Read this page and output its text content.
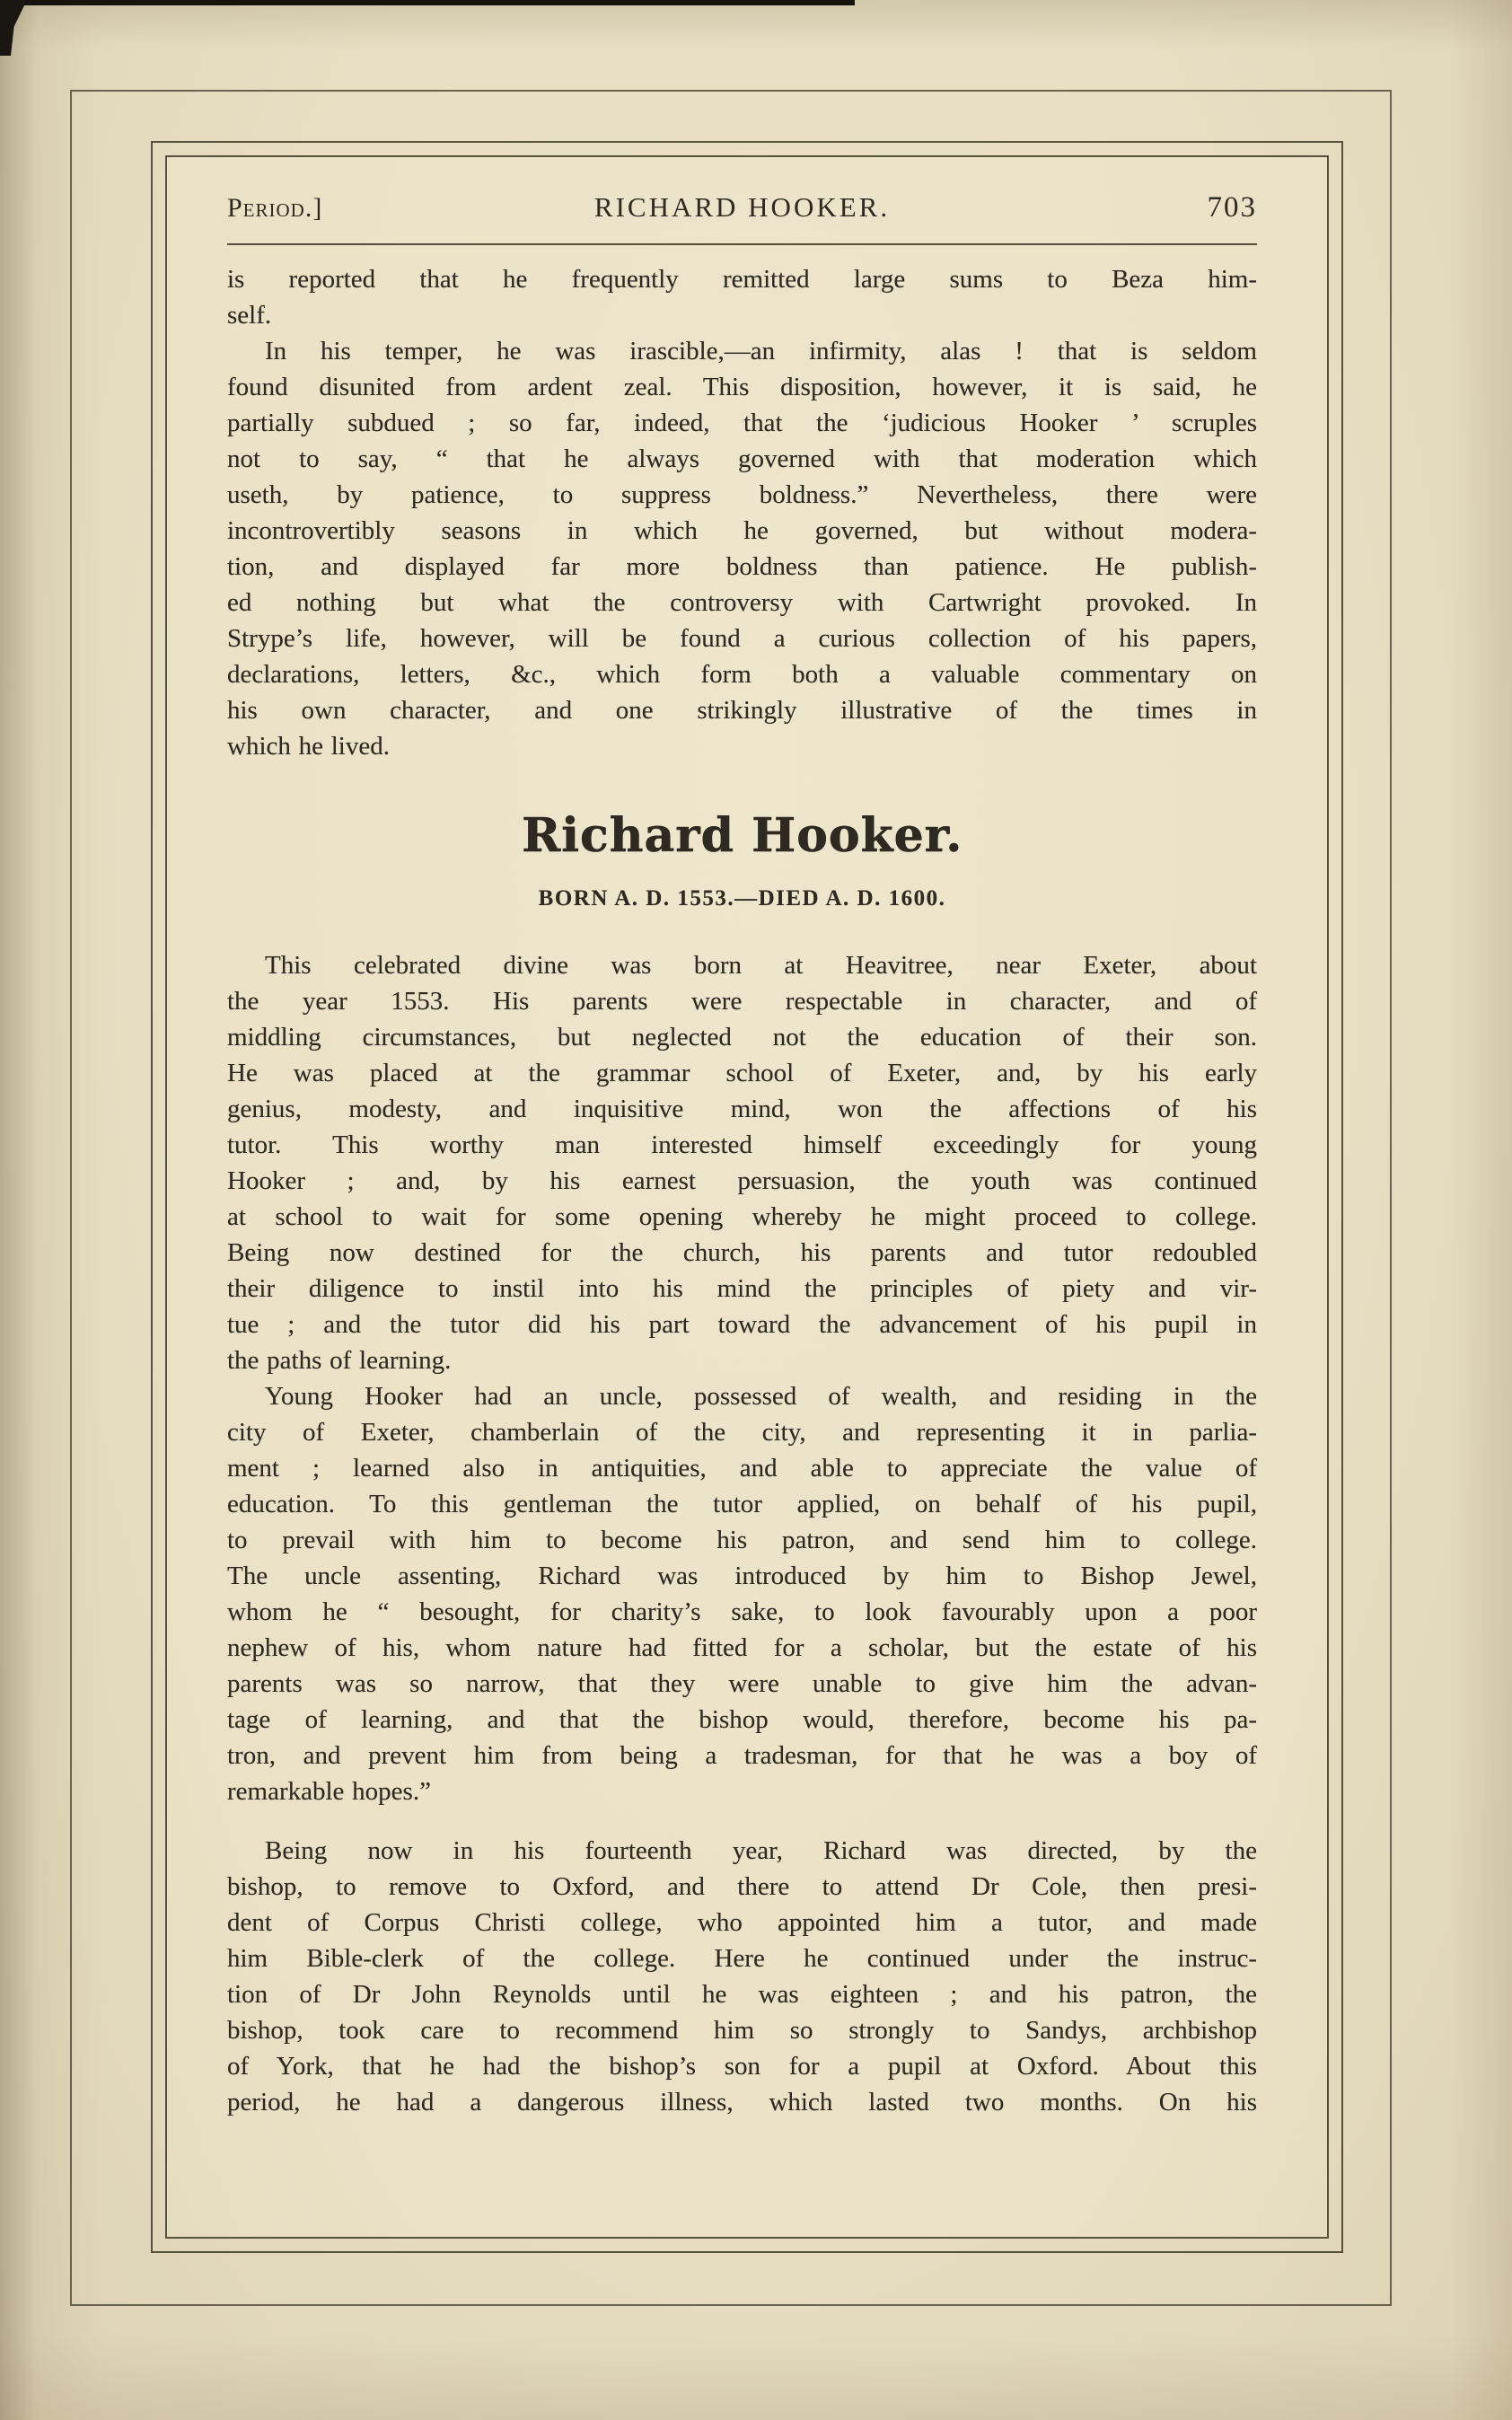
Period.]	RICHARD HOOKER.	703
is reported that he frequently remitted large sums to Beza him-
self.
In his temper, he was irascible,—an infirmity, alas ! that is seldom
found disunited from ardent zeal. This disposition, however, it is said, he
partially subdued ; so far, indeed, that the ‘judicious Hooker ’ scruples
not to say, “ that he always governed with that moderation which
useth, by patience, to suppress boldness.” Nevertheless, there were
incontrovertibly seasons in which he governed, but without modera-
tion, and displayed far more boldness than patience. He publish-
ed nothing but what the controversy with Cartwright provoked. In
Strype’s life, however, will be found a curious collection of his papers,
declarations, letters, &c., which form both a valuable commentary on
his own character, and one strikingly illustrative of the times in
which he lived.
Richard Hooker.
BORN A. D. 1553.—DIED A. D. 1600.
This celebrated divine was born at Heavitree, near Exeter, about
the year 1553. His parents were respectable in character, and of
middling circumstances, but neglected not the education of their son.
He was placed at the grammar school of Exeter, and, by his early
genius, modesty, and inquisitive mind, won the affections of his
tutor. This worthy man interested himself exceedingly for young
Hooker ; and, by his earnest persuasion, the youth was continued
at school to wait for some opening whereby he might proceed to college.
Being now destined for the church, his parents and tutor redoubled
their diligence to instil into his mind the principles of piety and vir-
tue ; and the tutor did his part toward the advancement of his pupil in
the paths of learning.
Young Hooker had an uncle, possessed of wealth, and residing in the
city of Exeter, chamberlain of the city, and representing it in parlia-
ment ; learned also in antiquities, and able to appreciate the value of
education. To this gentleman the tutor applied, on behalf of his pupil,
to prevail with him to become his patron, and send him to college.
The uncle assenting, Richard was introduced by him to Bishop Jewel,
whom he “ besought, for charity’s sake, to look favourably upon a poor
nephew of his, whom nature had fitted for a scholar, but the estate of his
parents was so narrow, that they were unable to give him the advan-
tage of learning, and that the bishop would, therefore, become his pa-
tron, and prevent him from being a tradesman, for that he was a boy of
remarkable hopes.”
Being now in his fourteenth year, Richard was directed, by the
bishop, to remove to Oxford, and there to attend Dr Cole, then presi-
dent of Corpus Christi college, who appointed him a tutor, and made
him Bible-clerk of the college. Here he continued under the instruc-
tion of Dr John Reynolds until he was eighteen ; and his patron, the
bishop, took care to recommend him so strongly to Sandys, archbishop
of York, that he had the bishop’s son for a pupil at Oxford. About this
period, he had a dangerous illness, which lasted two months. On his
